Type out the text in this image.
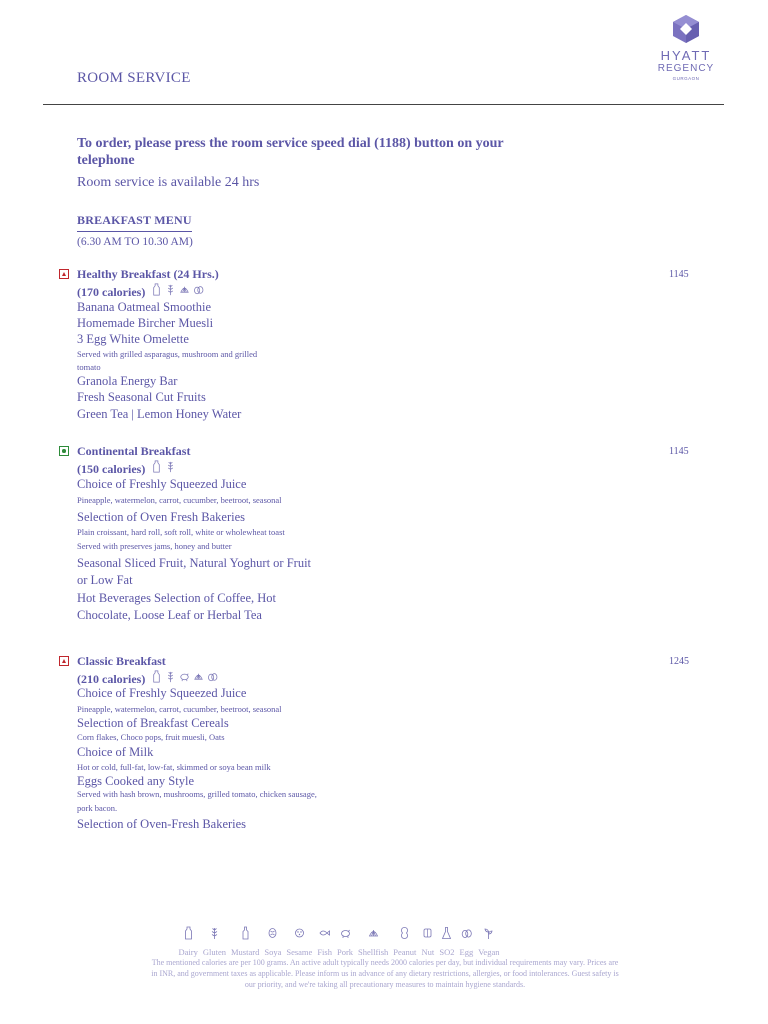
ROOM SERVICE
HYATT
REGENCY
GURGAON
To order, please press the room service speed dial (1188) button on your telephone
Room service is available 24 hrs
BREAKFAST MENU
(6.30 AM TO 10.30 AM)
Healthy Breakfast (24 Hrs.)	1145
(170 calories)
Banana Oatmeal Smoothie
Homemade Bircher Muesli
3 Egg White Omelette
Served with grilled asparagus, mushroom and grilled
tomato
Granola Energy Bar
Fresh Seasonal Cut Fruits
Green Tea | Lemon Honey Water
Continental Breakfast	1145
(150 calories)
Choice of Freshly Squeezed Juice
Pineapple, watermelon, carrot, cucumber, beetroot, seasonal
Selection of Oven Fresh Bakeries
Plain croissant, hard roll, soft roll, white or wholewheat toast
Served with preserves jams, honey and butter
Seasonal Sliced Fruit, Natural Yoghurt or Fruit
or Low Fat
Hot Beverages Selection of Coffee, Hot
Chocolate, Loose Leaf or Herbal Tea
Classic Breakfast	1245
(210 calories)
Choice of Freshly Squeezed Juice
Pineapple, watermelon, carrot, cucumber, beetroot, seasonal
Selection of Breakfast Cereals
Corn flakes, Choco pops, fruit muesli, Oats
Choice of Milk
Hot or cold, full-fat, low-fat, skimmed or soya bean milk
Eggs Cooked any Style
Served with hash brown, mushrooms, grilled tomato, chicken sausage,
pork bacon.
Selection of Oven-Fresh Bakeries
Dairy Gluten Mustard Soya Sesame Fish Pork Shellfish Peanut Nut SO2 Egg Vegan
The mentioned calories are per 100 grams. An active adult typically needs 2000 calories per day, but individual requirements may vary. Prices are in INR, and government taxes as applicable. Please inform us in advance of any dietary restrictions, allergies, or food intolerances. Guest safety is our priority, and we're taking all precautionary measures to maintain hygiene standards.
